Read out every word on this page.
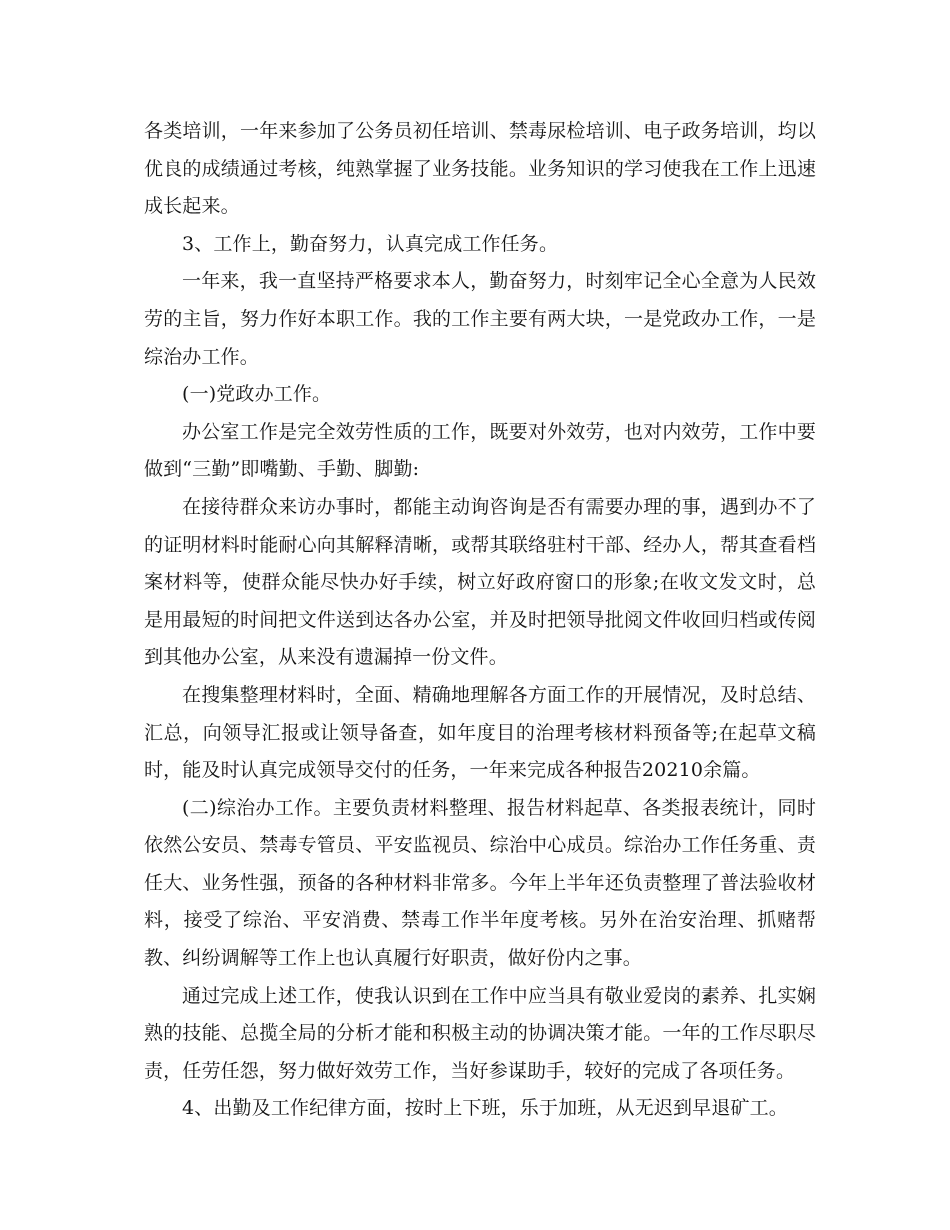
各类培训，一年来参加了公务员初任培训、禁毒尿检培训、电子政务培训，均以优良的成绩通过考核，纯熟掌握了业务技能。业务知识的学习使我在工作上迅速成长起来。

3、工作上，勤奋努力，认真完成工作任务。

一年来，我一直坚持严格要求本人，勤奋努力，时刻牢记全心全意为人民效劳的主旨，努力作好本职工作。我的工作主要有两大块，一是党政办工作，一是综治办工作。

(一)党政办工作。

办公室工作是完全效劳性质的工作，既要对外效劳，也对内效劳，工作中要做到“三勤”即嘴勤、手勤、脚勤:

在接待群众来访办事时，都能主动询咨询是否有需要办理的事，遇到办不了的证明材料时能耐心向其解释清晰，或帮其联络驻村干部、经办人，帮其查看档案材料等，使群众能尽快办好手续，树立好政府窗口的形象;在收文发文时，总是用最短的时间把文件送到达各办公室，并及时把领导批阅文件收回归档或传阅到其他办公室，从来没有遗漏掉一份文件。

在搜集整理材料时，全面、精确地理解各方面工作的开展情况，及时总结、汇总，向领导汇报或让领导备查，如年度目的治理考核材料预备等;在起草文稿时，能及时认真完成领导交付的任务，一年来完成各种报告20210余篇。

(二)综治办工作。主要负责材料整理、报告材料起草、各类报表统计，同时依然公安员、禁毒专管员、平安监视员、综治中心成员。综治办工作任务重、责任大、业务性强，预备的各种材料非常多。今年上半年还负责整理了普法验收材料，接受了综治、平安消费、禁毒工作半年度考核。另外在治安治理、抓赌帮教、纠纷调解等工作上也认真履行好职责，做好份内之事。

通过完成上述工作，使我认识到在工作中应当具有敬业爱岗的素养、扎实娴熟的技能、总揽全局的分析才能和积极主动的协调决策才能。一年的工作尽职尽责，任劳任怨，努力做好效劳工作，当好参谋助手，较好的完成了各项任务。

4、出勤及工作纪律方面，按时上下班，乐于加班，从无迟到早退矿工。
